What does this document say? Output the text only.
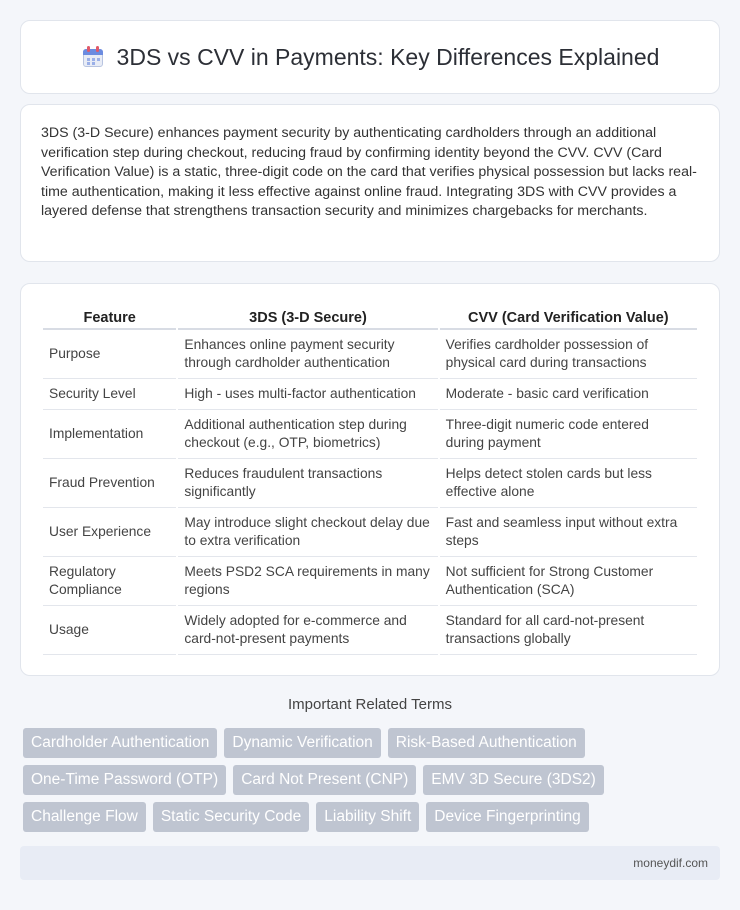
3DS vs CVV in Payments: Key Differences Explained

3DS (3-D Secure) enhances payment security by authenticating cardholders through an additional verification step during checkout, reducing fraud by confirming identity beyond the CVV. CVV (Card Verification Value) is a static, three-digit code on the card that verifies physical possession but lacks real-time authentication, making it less effective against online fraud. Integrating 3DS with CVV provides a layered defense that strengthens transaction security and minimizes chargebacks for merchants.

Feature	3DS (3-D Secure)	CVV (Card Verification Value)
Purpose	Enhances online payment security through cardholder authentication	Verifies cardholder possession of physical card during transactions
Security Level	High - uses multi-factor authentication	Moderate - basic card verification
Implementation	Additional authentication step during checkout (e.g., OTP, biometrics)	Three-digit numeric code entered during payment
Fraud Prevention	Reduces fraudulent transactions significantly	Helps detect stolen cards but less effective alone
User Experience	May introduce slight checkout delay due to extra verification	Fast and seamless input without extra steps
Regulatory Compliance	Meets PSD2 SCA requirements in many regions	Not sufficient for Strong Customer Authentication (SCA)
Usage	Widely adopted for e-commerce and card-not-present payments	Standard for all card-not-present transactions globally
Important Related Terms
Cardholder Authentication	Dynamic Verification	Risk-Based Authentication
One-Time Password (OTP)	Card Not Present (CNP)	EMV 3D Secure (3DS2)
Challenge Flow	Static Security Code	Liability Shift	Device Fingerprinting
moneydif.com
